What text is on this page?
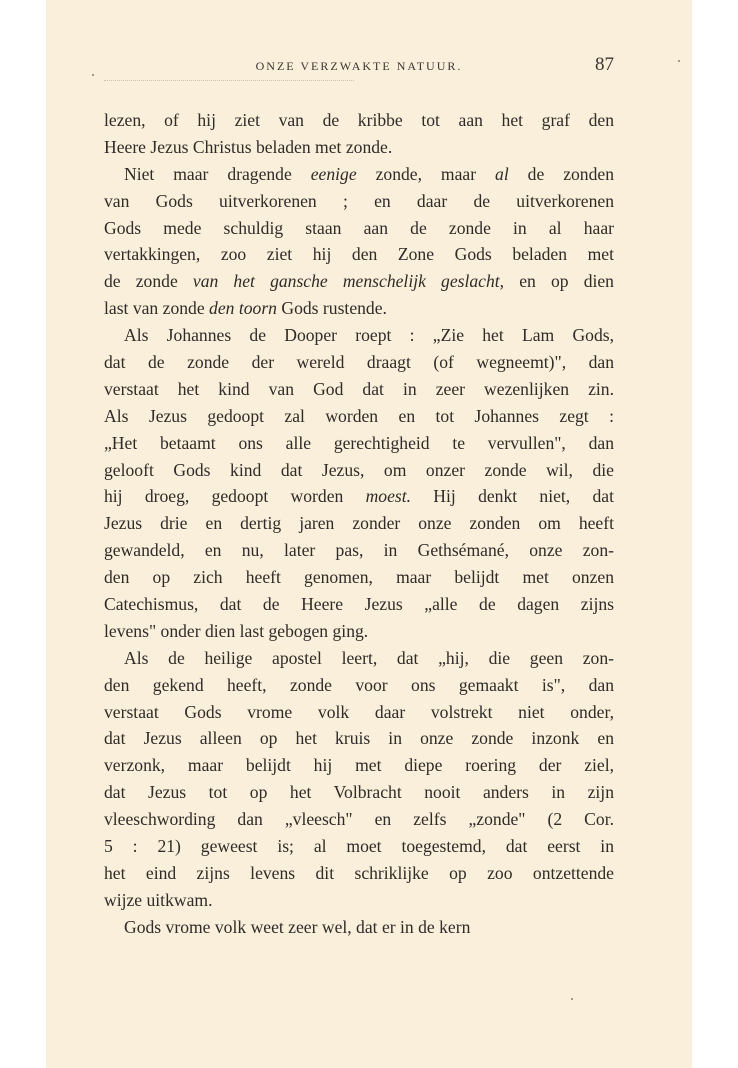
ONZE VERZWAKTE NATUUR.	87
lezen, of hij ziet van de kribbe tot aan het graf den
Heere Jezus Christus beladen met zonde.
Niet maar dragende eenige zonde, maar al de zonden
van Gods uitverkorenen ; en daar de uitverkorenen
Gods mede schuldig staan aan de zonde in al haar
vertakkingen, zoo ziet hij den Zone Gods beladen met
de zonde van het gansche menschelijk geslacht, en op dien
last van zonde den toorn Gods rustende.
Als Johannes de Dooper roept : „Zie het Lam Gods,
dat de zonde der wereld draagt (of wegneemt)", dan
verstaat het kind van God dat in zeer wezenlijken zin.
Als Jezus gedoopt zal worden en tot Johannes zegt :
„Het betaamt ons alle gerechtigheid te vervullen", dan
gelooft Gods kind dat Jezus, om onzer zonde wil, die
hij droeg, gedoopt worden moest. Hij denkt niet, dat
Jezus drie en dertig jaren zonder onze zonden om heeft
gewandeld, en nu, later pas, in Gethsémané, onze zon-
den op zich heeft genomen, maar belijdt met onzen
Catechismus, dat de Heere Jezus „alle de dagen zijns
levens" onder dien last gebogen ging.
Als de heilige apostel leert, dat „hij, die geen zon-
den gekend heeft, zonde voor ons gemaakt is", dan
verstaat Gods vrome volk daar volstrekt niet onder,
dat Jezus alleen op het kruis in onze zonde inzonk en
verzonk, maar belijdt hij met diepe roering der ziel,
dat Jezus tot op het Volbracht nooit anders in zijn
vleeschwording dan „vleesch" en zelfs „zonde" (2 Cor.
5 : 21) geweest is; al moet toegestemd, dat eerst in
het eind zijns levens dit schriklijke op zoo ontzettende
wijze uitkwam.
Gods vrome volk weet zeer wel, dat er in de kern
